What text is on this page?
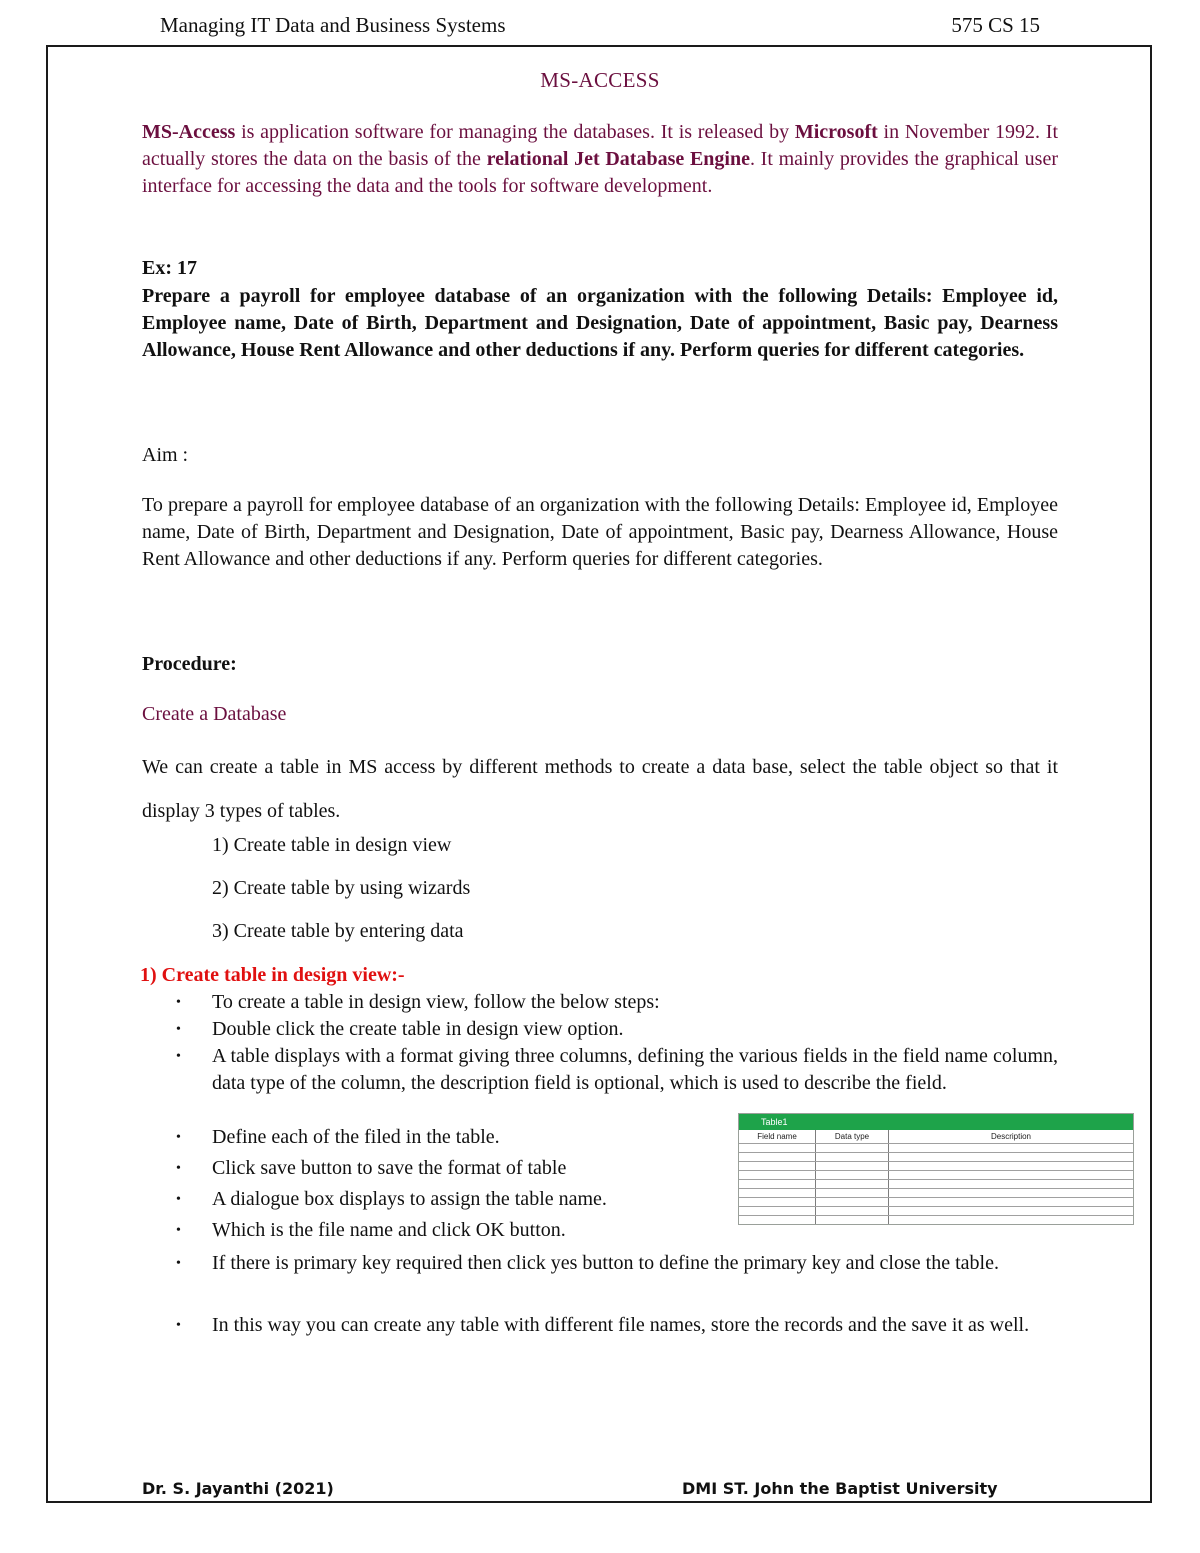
Managing IT Data and Business Systems	575 CS 15
MS-ACCESS
MS-Access is application software for managing the databases. It is released by Microsoft in November 1992. It actually stores the data on the basis of the relational Jet Database Engine. It mainly provides the graphical user interface for accessing the data and the tools for software development.
Ex: 17
Prepare a payroll for employee database of an organization with the following Details: Employee id, Employee name, Date of Birth, Department and Designation, Date of appointment, Basic pay, Dearness Allowance, House Rent Allowance and other deductions if any. Perform queries for different categories.
Aim :
To prepare a payroll for employee database of an organization with the following Details: Employee id, Employee name, Date of Birth, Department and Designation, Date of appointment, Basic pay, Dearness Allowance, House Rent Allowance and other deductions if any. Perform queries for different categories.
Procedure:
Create a Database
We can create a table in MS access by different methods to create a data base, select the table object so that it display 3 types of tables.
1) Create table in design view
2) Create table by using wizards
3) Create table by entering data
1) Create table in design view:-
• To create a table in design view, follow the below steps:
• Double click the create table in design view option.
• A table displays with a format giving three columns, defining the various fields in the field name column, data type of the column, the description field is optional, which is used to describe the field.
• Define each of the filed in the table.
• Click save button to save the format of table
• A dialogue box displays to assign the table name.
• Which is the file name and click OK button.
• If there is primary key required then click yes button to define the primary key and close the table.
• In this way you can create any table with different file names, store the records and the save it as well.
Table1
Field name	Data type	Description
Dr. S. Jayanthi (2021)	DMI ST. John the Baptist University
